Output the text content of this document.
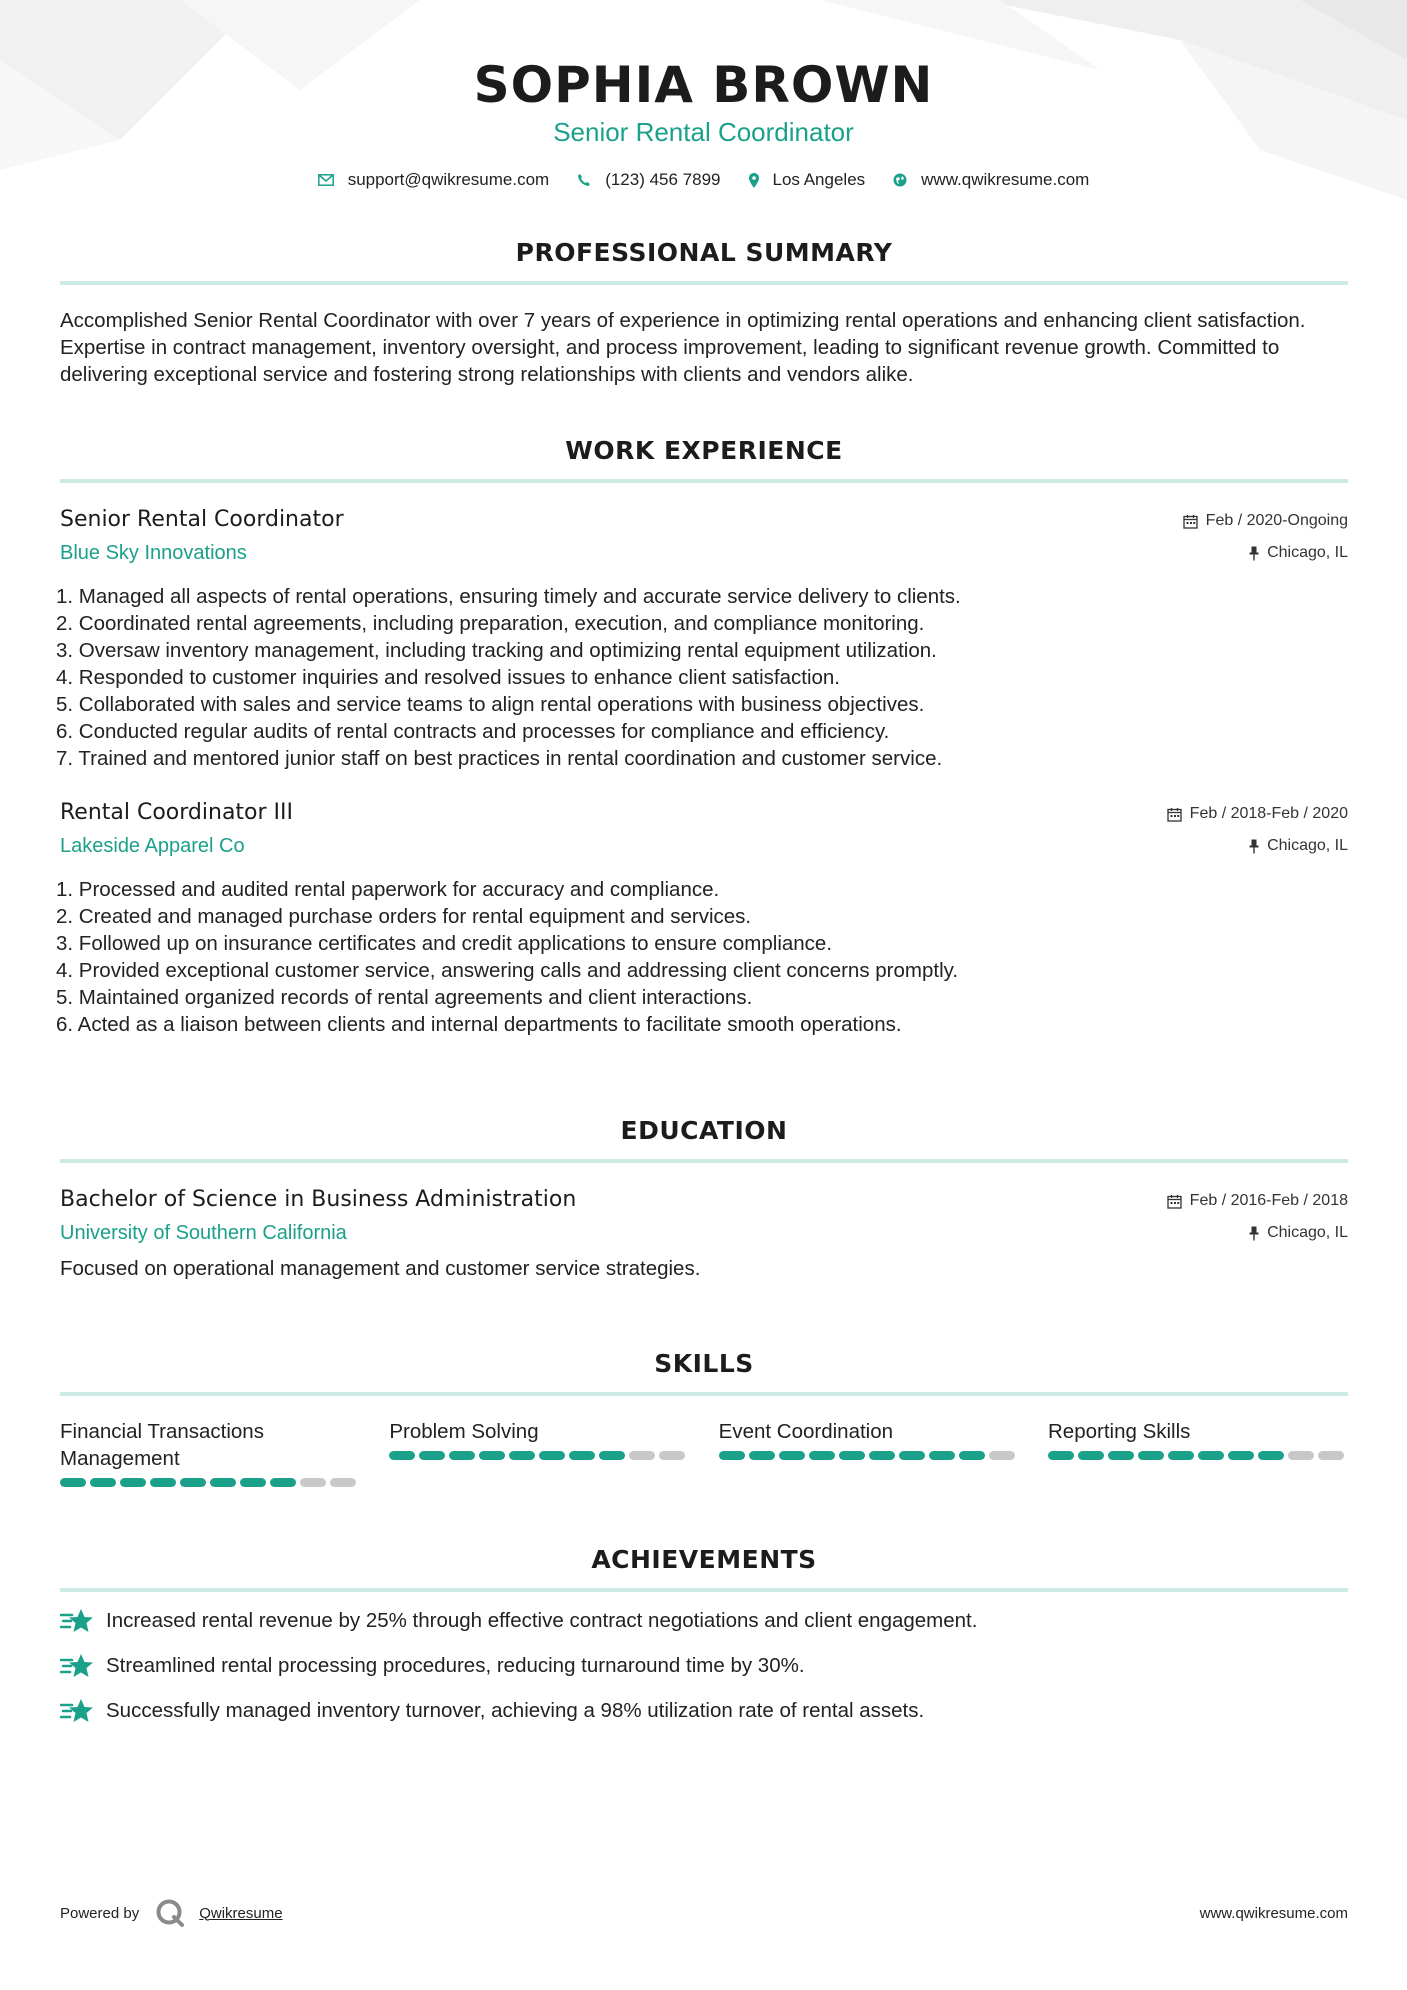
SOPHIA BROWN
Senior Rental Coordinator
support@qwikresume.com	(123) 456 7899	Los Angeles	www.qwikresume.com
PROFESSIONAL SUMMARY
Accomplished Senior Rental Coordinator with over 7 years of experience in optimizing rental operations and enhancing client satisfaction. Expertise in contract management, inventory oversight, and process improvement, leading to significant revenue growth. Committed to delivering exceptional service and fostering strong relationships with clients and vendors alike.
WORK EXPERIENCE
Senior Rental Coordinator
Blue Sky Innovations
Feb / 2020-Ongoing
Chicago, IL
1. Managed all aspects of rental operations, ensuring timely and accurate service delivery to clients.
2. Coordinated rental agreements, including preparation, execution, and compliance monitoring.
3. Oversaw inventory management, including tracking and optimizing rental equipment utilization.
4. Responded to customer inquiries and resolved issues to enhance client satisfaction.
5. Collaborated with sales and service teams to align rental operations with business objectives.
6. Conducted regular audits of rental contracts and processes for compliance and efficiency.
7. Trained and mentored junior staff on best practices in rental coordination and customer service.
Rental Coordinator III
Lakeside Apparel Co
Feb / 2018-Feb / 2020
Chicago, IL
1. Processed and audited rental paperwork for accuracy and compliance.
2. Created and managed purchase orders for rental equipment and services.
3. Followed up on insurance certificates and credit applications to ensure compliance.
4. Provided exceptional customer service, answering calls and addressing client concerns promptly.
5. Maintained organized records of rental agreements and client interactions.
6. Acted as a liaison between clients and internal departments to facilitate smooth operations.
EDUCATION
Bachelor of Science in Business Administration
University of Southern California
Feb / 2016-Feb / 2018
Chicago, IL
Focused on operational management and customer service strategies.
SKILLS
Financial Transactions Management
Problem Solving	Event Coordination	Reporting Skills
ACHIEVEMENTS
Increased rental revenue by 25% through effective contract negotiations and client engagement.
Streamlined rental processing procedures, reducing turnaround time by 30%.
Successfully managed inventory turnover, achieving a 98% utilization rate of rental assets.
Powered by	Qwikresume	www.qwikresume.com
